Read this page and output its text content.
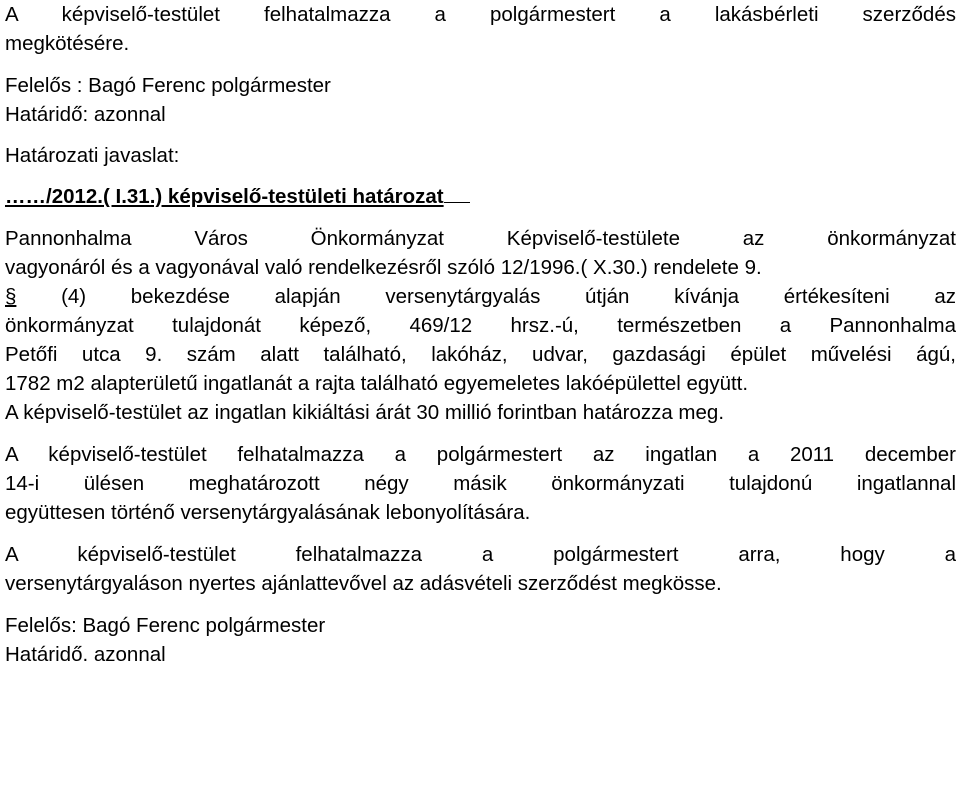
A képviselő-testület felhatalmazza a polgármestert a lakásbérleti szerződés
megkötésére.
Felelős : Bagó Ferenc polgármester
Határidő: azonnal
Határozati javaslat:
……/2012.( I.31.) képviselő-testületi határozat
Pannonhalma Város Önkormányzat Képviselő-testülete az önkormányzat
vagyonáról és a vagyonával való rendelkezésről szóló 12/1996.( X.30.) rendelete 9.
§ (4) bekezdése alapján versenytárgyalás útján kívánja értékesíteni az
önkormányzat tulajdonát képező, 469/12 hrsz.-ú, természetben a Pannonhalma
Petőfi utca 9. szám alatt található, lakóház, udvar, gazdasági épület művelési ágú,
1782 m2 alapterületű ingatlanát a rajta található egyemeletes lakóépülettel együtt.
A képviselő-testület az ingatlan kikiáltási árát 30 millió forintban határozza meg.
A képviselő-testület felhatalmazza a polgármestert az ingatlan a 2011 december
14-i ülésen meghatározott négy másik önkormányzati tulajdonú ingatlannal
együttesen történő versenytárgyalásának lebonyolítására.
A képviselő-testület felhatalmazza a polgármestert arra, hogy a
versenytárgyaláson nyertes ajánlattevővel az adásvételi szerződést megkösse.
Felelős: Bagó Ferenc polgármester
Határidő. azonnal
